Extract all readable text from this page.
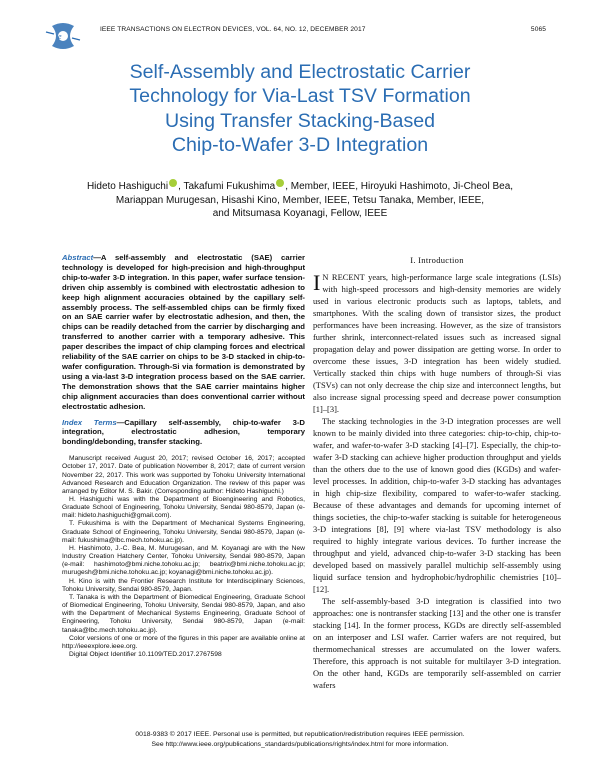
e
IEEE TRANSACTIONS ON ELECTRON DEVICES, VOL. 64, NO. 12, DECEMBER 2017	5065
Self-Assembly and Electrostatic Carrier
Technology for Via-Last TSV Formation
Using Transfer Stacking-Based
Chip-to-Wafer 3-D Integration
Hideto Hashiguchi , Takafumi Fukushima , Member, IEEE, Hiroyuki Hashimoto, Ji-Cheol Bea,
Mariappan Murugesan, Hisashi Kino, Member, IEEE, Tetsu Tanaka, Member, IEEE,
and Mitsumasa Koyanagi, Fellow, IEEE

Abstract—A self-assembly and electrostatic (SAE) carrier technology is developed for high-precision and high-throughput chip-to-wafer 3-D integration. In this paper, wafer surface tension-driven chip assembly is combined with electrostatic adhesion to keep high alignment accuracies obtained by the capillary self-assembly process. The self-assembled chips can be firmly fixed on an SAE carrier wafer by electrostatic adhesion, and then, the chips can be readily detached from the carrier by discharging and transferred to another carrier with a temporary adhesive. This paper describes the impact of chip clamping forces and electrical reliability of the SAE carrier on chips to be 3-D stacked in chip-to-wafer configuration. Through-Si via formation is demonstrated by using a via-last 3-D integration process based on the SAE carrier. The demonstration shows that the SAE carrier maintains higher chip alignment accuracies than does conventional carrier without electrostatic adhesion.

Index Terms—Capillary self-assembly, chip-to-wafer 3-D integration, electrostatic adhesion, temporary bonding/debonding, transfer stacking.

Manuscript received August 20, 2017; revised October 16, 2017; accepted October 17, 2017. Date of publication November 8, 2017; date of current version November 22, 2017. This work was supported by Tohoku University International Advanced Research and Education Organization. The review of this paper was arranged by Editor M. S. Bakir. (Corresponding author: Hideto Hashiguchi.)

H. Hashiguchi was with the Department of Bioengineering and Robotics, Graduate School of Engineering, Tohoku University, Sendai 980-8579, Japan (e-mail: hideto.hashiguchi@gmail.com).

T. Fukushima is with the Department of Mechanical Systems Engineering, Graduate School of Engineering, Tohoku University, Sendai 980-8579, Japan (e-mail: fukushima@lbc.mech.tohoku.ac.jp).

H. Hashimoto, J.-C. Bea, M. Murugesan, and M. Koyanagi are with the New Industry Creation Hatchery Center, Tohoku University, Sendai 980-8579, Japan (e-mail: hashimoto@bmi.niche.tohoku.ac.jp; beatrix@bmi.niche.tohoku.ac.jp; murugesh@bmi.niche.tohoku.ac.jp; koyanagi@bmi.niche.tohoku.ac.jp).

H. Kino is with the Frontier Research Institute for Interdisciplinary Sciences, Tohoku University, Sendai 980-8579, Japan.

T. Tanaka is with the Department of Biomedical Engineering, Graduate School of Biomedical Engineering, Tohoku University, Sendai 980-8579, Japan, and also with the Department of Mechanical Systems Engineering, Graduate School of Engineering, Tohoku University, Sendai 980-8579, Japan (e-mail: tanaka@lbc.mech.tohoku.ac.jp).

Color versions of one or more of the figures in this paper are available online at http://ieeexplore.ieee.org.

Digital Object Identifier 10.1109/TED.2017.2767598

I. Introduction

I N RECENT years, high-performance large scale integrations (LSIs) with high-speed processors and high-density memories are widely used in various electronic products such as laptops, tablets, and smartphones. With the scaling down of transistor sizes, the product performances have been increasing. However, as the size of transistors further shrink, interconnect-related issues such as increased signal propagation delay and power dissipation are getting worse. In order to overcome these issues, 3-D integration has been widely studied. Vertically stacked thin chips with huge numbers of through-Si vias (TSVs) can not only decrease the chip size and interconnect lengths, but also increase signal processing speed and decrease power consumption [1]–[3].

The stacking technologies in the 3-D integration processes are well known to be mainly divided into three categories: chip-to-chip, chip-to-wafer, and wafer-to-wafer 3-D stacking [4]–[7]. Especially, the chip-to-wafer 3-D stacking can achieve higher production throughput and yields than the others due to the use of known good dies (KGDs) and wafer-level processes. In addition, chip-to-wafer 3-D stacking has advantages in high chip-size flexibility, compared to wafer-to-wafer stacking. Because of these advantages and demands for upcoming internet of things societies, the chip-to-wafer stacking is suitable for heterogeneous 3-D integrations [8], [9] where via-last TSV methodology is also required to highly integrate various devices. To further increase the throughput and yield, advanced chip-to-wafer 3-D stacking has been developed based on massively parallel multichip self-assembly using liquid surface tension and hydrophobic/hydrophilic chemistries [10]–[12].

The self-assembly-based 3-D integration is classified into two approaches: one is nontransfer stacking [13] and the other one is transfer stacking [14]. In the former process, KGDs are directly self-assembled on an interposer and LSI wafer. Carrier wafers are not required, but thermomechanical stresses are accumulated on the lower wafers. Therefore, this approach is not suitable for multilayer 3-D integration. On the other hand, KGDs are temporarily self-assembled on carrier wafers

0018-9383 © 2017 IEEE. Personal use is permitted, but republication/redistribution requires IEEE permission.
See http://www.ieee.org/publications_standards/publications/rights/index.html for more information.
